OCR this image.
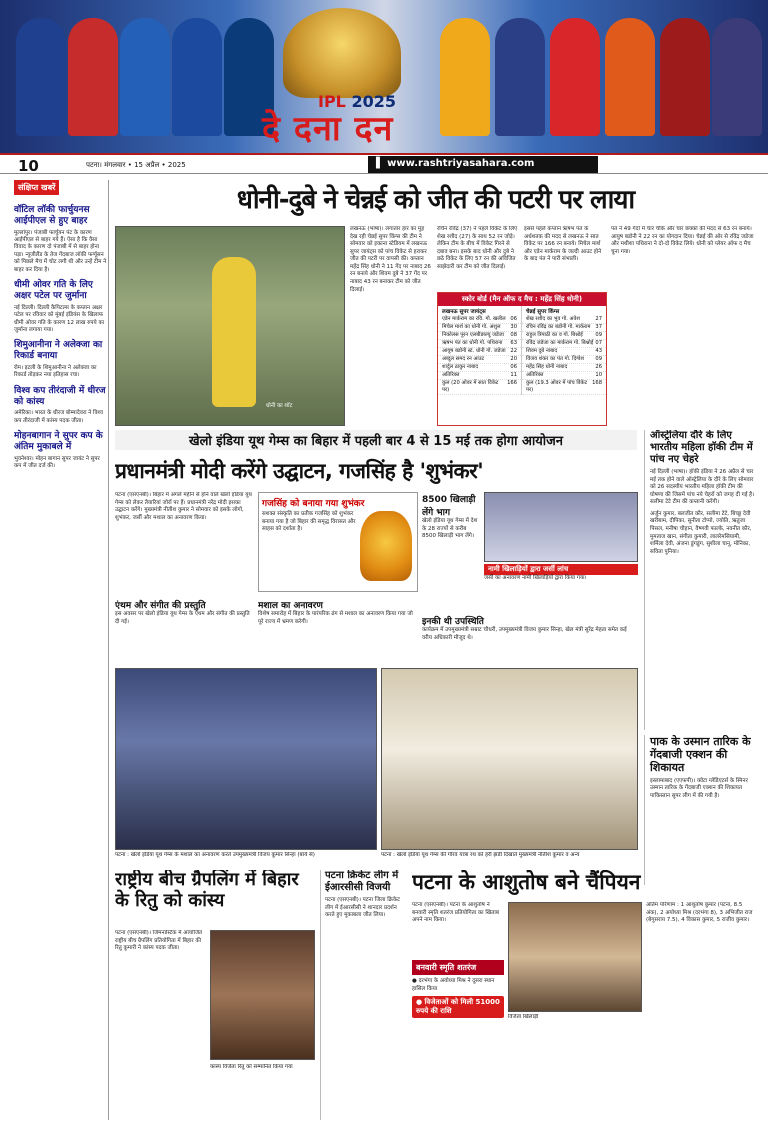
IPL 2025
दे दना दन
10	पटना। मंगलवार • 15 अप्रैल • 2025	▌ www.rashtriyasahara.com
संक्षिप्त खबरें
वॉटिल लॉकी फार्चुयनस आईपीएल से हुए बाहर

मुल्लांपुर। पंजाबी फार्चुयन पंट के कारण आईपीएल से बाहर गये हैं। ऐसा है कि वैसा विवाद के कारण दो पंजाबी में से बाहर होना पड़ा। न्यूजीलैंड के तेज गेंदबाज लॉकी फर्ग्यूसन को पिछले मैच में चोट लगी थी और उन्हें टीम ने बाहर कर दिया है।

धीमी ओवर गति के लिए अक्षर पटेल पर जुर्माना

नई दिल्ली। दिल्ली कैपिटल्स के कप्तान अक्षर पटेल पर रविवार को मुंबई इंडियंस के खिलाफ धीमी ओवर गति के कारण 12 लाख रुपये का जुर्माना लगाया गया।

शिमुआनीना ने अलेक्जा का रिकार्ड बनाया

रोम। इटली के शिमुआनीना ने अलेक्जा का रिकार्ड तोड़कर नया इतिहास रचा।

विश्व कप तीरंदाजी में धीरज को कांस्य

अमेरिका। भारत के धीरज बोम्मादेवरा ने विश्व कप तीरंदाजी में कांस्य पदक जीता।

मोहनबागान ने सुपर कप के अंतिम मुकाबले में

भुवनेश्वर। मोहन बागान सुपर जायंट ने सुपर कप में जीत दर्ज की।

धोनी-दुबे ने चेन्नई को जीत की पटरी पर लाया
धोनी का शॉट
लखनऊ (भाषा)। लगातार हार का मुंह देख रही चेन्नई सुपर किंग्स की टीम ने सोमवार को इकाना स्टेडियम में लखनऊ सुपर जायंट्स को पांच विकेट से हराकर जीत की पटरी पर वापसी की। कप्तान महेंद्र सिंह धोनी ने 11 गेंद पर नाबाद 26 रन बनाये और शिवम दुबे ने 37 गेंद पर नाबाद 43 रन बनाकर टीम को जीत दिलाई।
रचिन रविंद्र (37) ने पहले विकेट के लिए शेख रशीद (27) के साथ 52 रन जोड़े। लेकिन टीम के बीच में विकेट गिरने से दबाव बना। इसके बाद धोनी और दुबे ने छठे विकेट के लिए 57 रन की अविजित साझेदारी कर टीम को जीत दिलाई।
इससे पहले कप्तान ऋषभ पंत के अर्धशतक की मदद से लखनऊ ने सात विकेट पर 166 रन बनाये। मिचेल मार्श और एडेन मार्कराम के जल्दी आउट होने के बाद पंत ने पारी संभाली।
पंत ने 49 गेंदों में चार चौके और चार छक्कों की मदद से 63 रन बनाये। आयुष बडोनी ने 22 रन का योगदान दिया। चेन्नई की ओर से रविंद्र जडेजा और मथीशा पथिराना ने दो-दो विकेट लिये। धोनी को प्लेयर ऑफ द मैच चुना गया।
स्कोर बोर्ड (मैन ऑफ द मैच : महेंद्र सिंह धोनी)
लखनऊ सुपर जायंट्स
एडेन मार्कराम का रवि. गो. खलील 06
मिचेल मार्श का धोनी गो. अंशुल 30
निकोलस पूरन एलबीडब्ल्यू जडेजा 08
ऋषभ पंत का धोनी गो. पथिराना 63
आयुष बडोनी स्टं. धोनी गो. जडेजा 22
अब्दुल समद रन आउट	20
शार्दुल ठाकुर नाबाद	06
अतिरिक्त	11
कुल (20 ओवर में सात विकेट पर)
166
चेन्नई सुपर किंग्स
शेख रशीद का भुव गो. अवेश	27
रचिन रविंद्र का बडोनी गो. मार्कराम 37
राहुल त्रिपाठी का व गो. बिश्नोई 09
रविंद्र जडेजा का मार्कराम गो. बिश्नोई 07
शिवम दुबे नाबाद	43
विजय शंकर का पंत गो. दिग्वेश 09
महेंद्र सिंह धोनी नाबाद	26
अतिरिक्त	10
कुल (19.3 ओवर में पांच विकेट पर)
168
ऑस्ट्रेलिया दौरे के लिए भारतीय महिला हॉकी टीम में पांच नए चेहरे
नई दिल्ली (भाषा)। हॉकी इंडिया ने 26 अप्रैल से चार मई तक होने वाले ऑस्ट्रेलिया के दौरे के लिए सोमवार को 26 सदस्यीय भारतीय महिला हॉकी टीम की घोषणा की जिसमें पांच नये चेहरों को जगह दी गई है। सलीमा टेटे टीम की कप्तानी करेंगी।
अर्जुन कुमार, बलजीत कौर, सलीमा टेटे, बिच्छू देवी खरीबाम, दीपिका, सुनीता टोप्पो, ज्योति, ऋतुजा पिसल, मनीषा चौहान, वैष्णवी फाल्के, नवनीत कौर, मुमताज खान, संगीता कुमारी, लालरेमसियामी, शर्मिला देवी, अंजना डुंगडुंग, सुशीला चानू, मोनिका, सविता पुनिया।
खेलो इंडिया यूथ गेम्स का बिहार में पहली बार 4 से 15 मई तक होगा आयोजन
प्रधानमंत्री मोदी करेंगे उद्घाटन, गजसिंह है 'शुभंकर'
पटना (एसएनबी)। बिहार में अगले महीने से होने वाले खेलो इंडिया यूथ गेम्स को लेकर तैयारियां जोरों पर हैं। प्रधानमंत्री नरेंद्र मोदी इसका उद्घाटन करेंगे। मुख्यमंत्री नीतीश कुमार ने सोमवार को इसके लोगो, शुभंकर, जर्सी और मशाल का अनावरण किया।
गजसिंह को बनाया गया शुभंकर
सशक्त संस्कृति का प्रतीक गजसिंह को शुभंकर बनाया गया है जो बिहार की समृद्ध विरासत और साहस को दर्शाता है।
8500 खिलाड़ी लेंगे भाग
खेलो इंडिया यूथ गेम्स में देश के 28 राज्यों से करीब 8500 खिलाड़ी भाग लेंगे।
नामी खिलाड़ियों द्वारा जर्सी लांच
जर्सी का अनावरण नामी खिलाड़ियों द्वारा किया गया।
इनकी थी उपस्थिति
कार्यक्रम में उपमुख्यमंत्री सम्राट चौधरी, उपमुख्यमंत्री विजय कुमार सिन्हा, खेल मंत्री सुरेंद्र मेहता समेत कई वरीय अधिकारी मौजूद थे।
मशाल का अनावरण
विशेष समारोह में बिहार के पारंपरिक ढंग से मशाल का अनावरण किया गया जो पूरे राज्य में भ्रमण करेगी।
एंथम और संगीत की प्रस्तुति
इस अवसर पर खेलो इंडिया यूथ गेम्स के एंथम और संगीत की प्रस्तुति दी गई।
पटना : खेलो इंडिया यूथ गेम्स के मशाल का अनावरण करते उपमुख्यमंत्री विजय कुमार सिन्हा (बायें से)	पटना : खेलो इंडिया यूथ गेम्स की गौरव यात्रा रथ को हरी झंडी दिखाते मुख्यमंत्री नीतीश कुमार व अन्य
पाक के उस्मान तारिक के गेंदबाजी एक्शन की शिकायत
इस्लामाबाद (एएफपी)। क्वेटा ग्लेडिएटर्स के स्पिनर उस्मान तारिक के गेंदबाजी एक्शन की शिकायत पाकिस्तान सुपर लीग में की गयी है।
राष्ट्रीय बीच ग्रैपलिंग में बिहार के रितु को कांस्य
पटना (एसएनबी)। जिमनास्टिक में आयोजित राष्ट्रीय बीच ग्रैपलिंग प्रतियोगिता में बिहार की रितु कुमारी ने कांस्य पदक जीता।
कांस्य विजेता रितु को सम्मानित किया गया
पटना क्रिकेट लीग में ईआरसीसी विजयी
पटना (एसएनबी)। पटना जिला क्रिकेट लीग में ईआरसीसी ने शानदार प्रदर्शन करते हुए मुकाबला जीत लिया।
पटना के आशुतोष बने चैंपियन
पटना (एसएनबी)। पटना के आशुतोष ने बनवारी स्मृति शतरंज प्रतियोगिता का खिताब अपने नाम किया।
बनवारी स्मृति शतरंज
● दरभंगा के अयोध्या मिश्र ने दूसरा स्थान हासिल किया
● विजेताओं को मिली 51000 रुपये की राशि
विजेता खिलाड़ी
अंतिम परिणाम : 1 आशुतोष कुमार (पटना, 8.5 अंक), 2 अयोध्या मिश्र (दरभंगा 8), 3 अभिजीत राज (बेगूसराय 7.5), 4 विकास कुमार, 5 राजीव कुमार।
